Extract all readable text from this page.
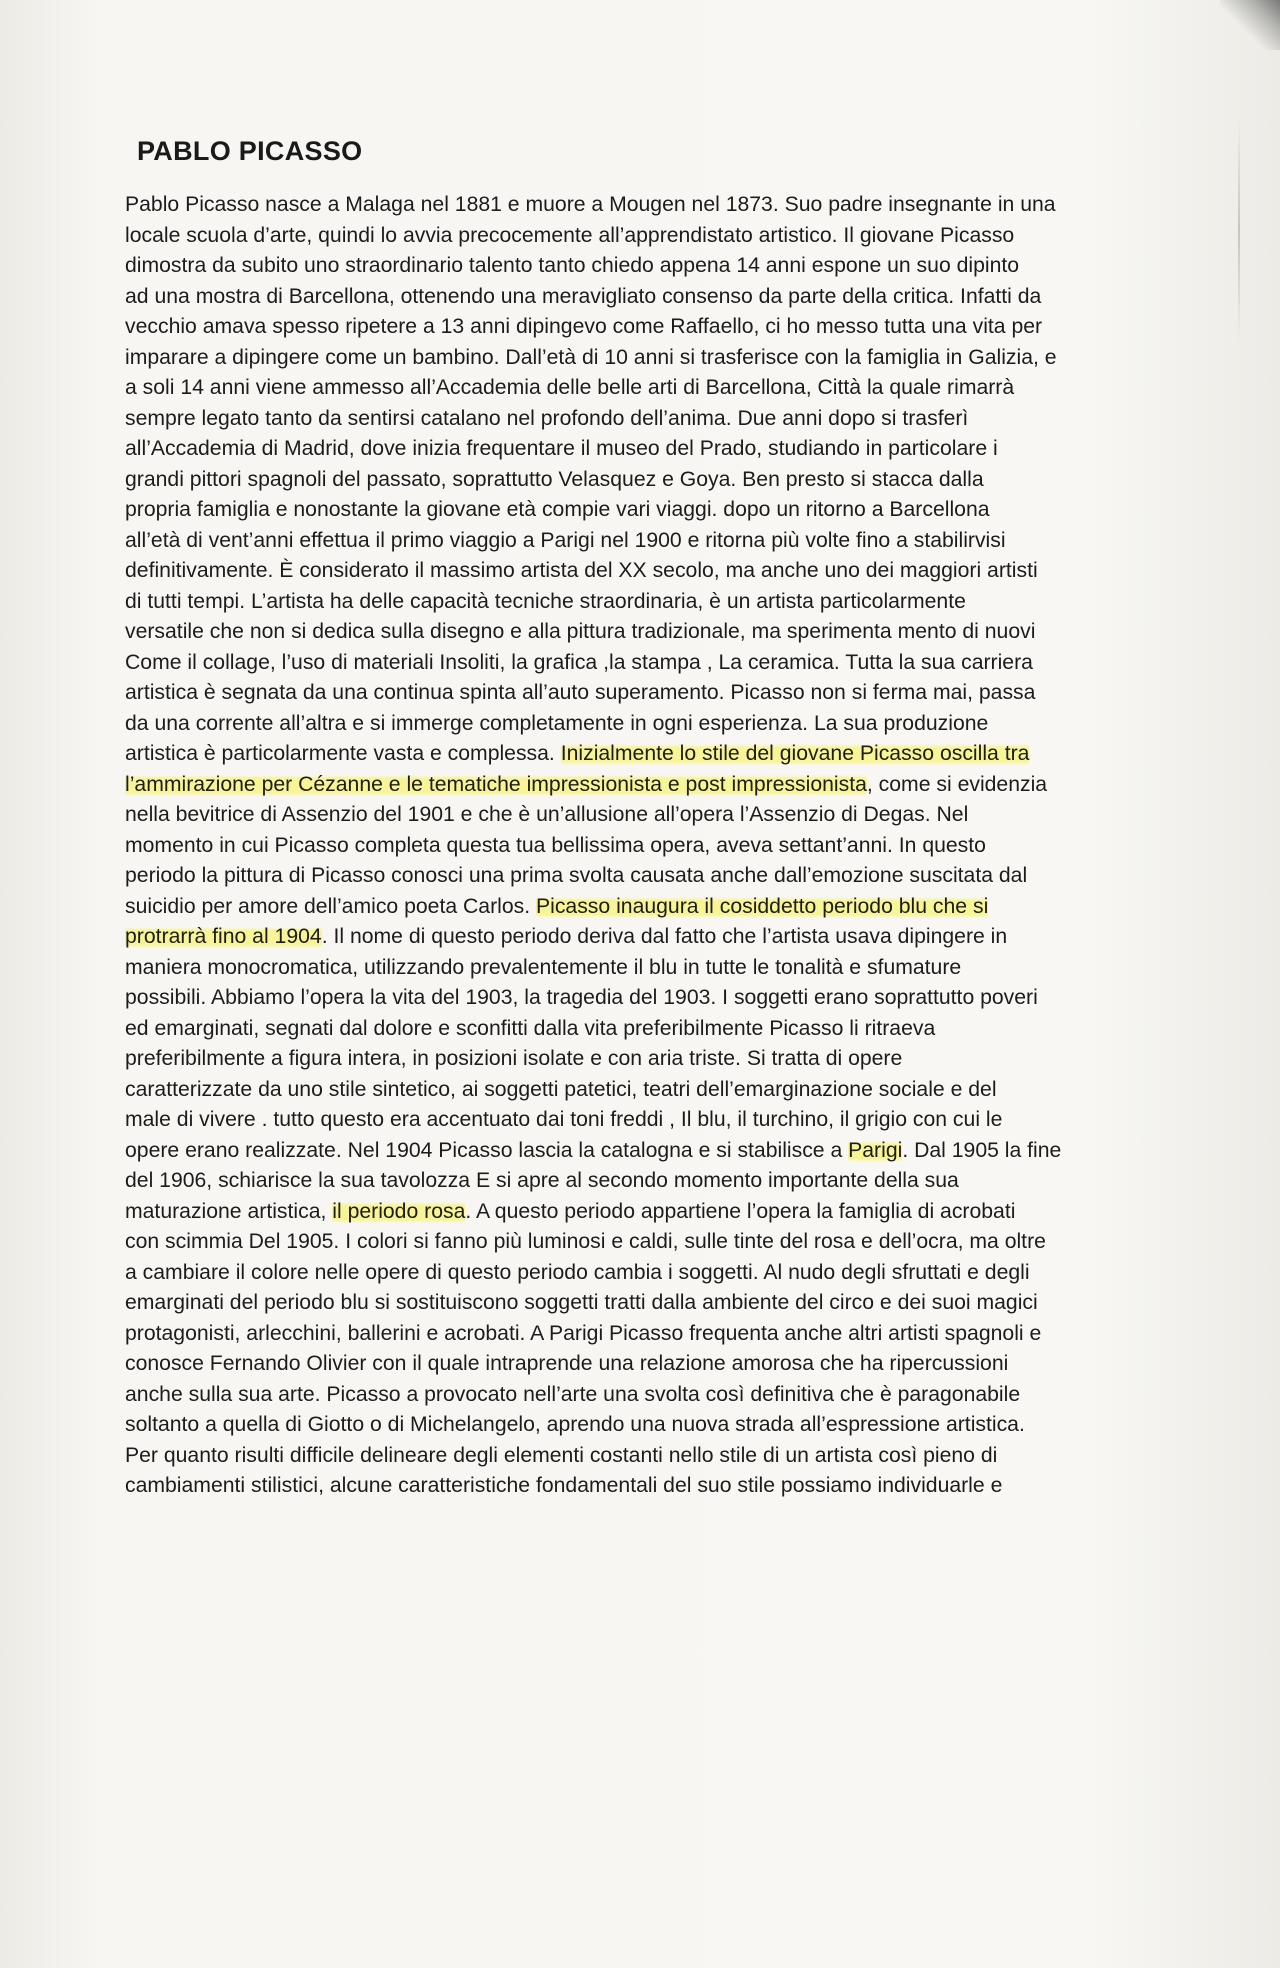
PABLO PICASSO
Pablo Picasso nasce a Malaga nel 1881 e muore a Mougen nel 1873. Suo padre insegnante in una
locale scuola d’arte, quindi lo avvia precocemente all’apprendistato artistico. Il giovane Picasso
dimostra da subito uno straordinario talento tanto chiedo appena 14 anni espone un suo dipinto
ad una mostra di Barcellona, ottenendo una meravigliato consenso da parte della critica. Infatti da
vecchio amava spesso ripetere a 13 anni dipingevo come Raffaello, ci ho messo tutta una vita per
imparare a dipingere come un bambino. Dall’età di 10 anni si trasferisce con la famiglia in Galizia, e
a soli 14 anni viene ammesso all’Accademia delle belle arti di Barcellona, Città la quale rimarrà
sempre legato tanto da sentirsi catalano nel profondo dell’anima. Due anni dopo si trasferì
all’Accademia di Madrid, dove inizia frequentare il museo del Prado, studiando in particolare i
grandi pittori spagnoli del passato, soprattutto Velasquez e Goya. Ben presto si stacca dalla
propria famiglia e nonostante la giovane età compie vari viaggi. dopo un ritorno a Barcellona
all’età di vent’anni effettua il primo viaggio a Parigi nel 1900 e ritorna più volte fino a stabilirvisi
definitivamente. È considerato il massimo artista del XX secolo, ma anche uno dei maggiori artisti
di tutti tempi. L’artista ha delle capacità tecniche straordinaria, è un artista particolarmente
versatile che non si dedica sulla disegno e alla pittura tradizionale, ma sperimenta mento di nuovi
Come il collage, l’uso di materiali Insoliti, la grafica ,la stampa , La ceramica. Tutta la sua carriera
artistica è segnata da una continua spinta all’auto superamento. Picasso non si ferma mai, passa
da una corrente all’altra e si immerge completamente in ogni esperienza. La sua produzione
artistica è particolarmente vasta e complessa. Inizialmente lo stile del giovane Picasso oscilla tra
l’ammirazione per Cézanne e le tematiche impressionista e post impressionista, come si evidenzia
nella bevitrice di Assenzio del 1901 e che è un’allusione all’opera l’Assenzio di Degas. Nel
momento in cui Picasso completa questa tua bellissima opera, aveva settant’anni. In questo
periodo la pittura di Picasso conosci una prima svolta causata anche dall’emozione suscitata dal
suicidio per amore dell’amico poeta Carlos. Picasso inaugura il cosiddetto periodo blu che si
protrarrà fino al 1904. Il nome di questo periodo deriva dal fatto che l’artista usava dipingere in
maniera monocromatica, utilizzando prevalentemente il blu in tutte le tonalità e sfumature
possibili. Abbiamo l’opera la vita del 1903, la tragedia del 1903. I soggetti erano soprattutto poveri
ed emarginati, segnati dal dolore e sconfitti dalla vita preferibilmente Picasso li ritraeva
preferibilmente a figura intera, in posizioni isolate e con aria triste. Si tratta di opere
caratterizzate da uno stile sintetico, ai soggetti patetici, teatri dell’emarginazione sociale e del
male di vivere . tutto questo era accentuato dai toni freddi , Il blu, il turchino, il grigio con cui le
opere erano realizzate. Nel 1904 Picasso lascia la catalogna e si stabilisce a Parigi. Dal 1905 la fine
del 1906, schiarisce la sua tavolozza E si apre al secondo momento importante della sua
maturazione artistica, il periodo rosa. A questo periodo appartiene l’opera la famiglia di acrobati
con scimmia Del 1905. I colori si fanno più luminosi e caldi, sulle tinte del rosa e dell’ocra, ma oltre
a cambiare il colore nelle opere di questo periodo cambia i soggetti. Al nudo degli sfruttati e degli
emarginati del periodo blu si sostituiscono soggetti tratti dalla ambiente del circo e dei suoi magici
protagonisti, arlecchini, ballerini e acrobati. A Parigi Picasso frequenta anche altri artisti spagnoli e
conosce Fernando Olivier con il quale intraprende una relazione amorosa che ha ripercussioni
anche sulla sua arte. Picasso a provocato nell’arte una svolta così definitiva che è paragonabile
soltanto a quella di Giotto o di Michelangelo, aprendo una nuova strada all’espressione artistica.
Per quanto risulti difficile delineare degli elementi costanti nello stile di un artista così pieno di
cambiamenti stilistici, alcune caratteristiche fondamentali del suo stile possiamo individuarle e
